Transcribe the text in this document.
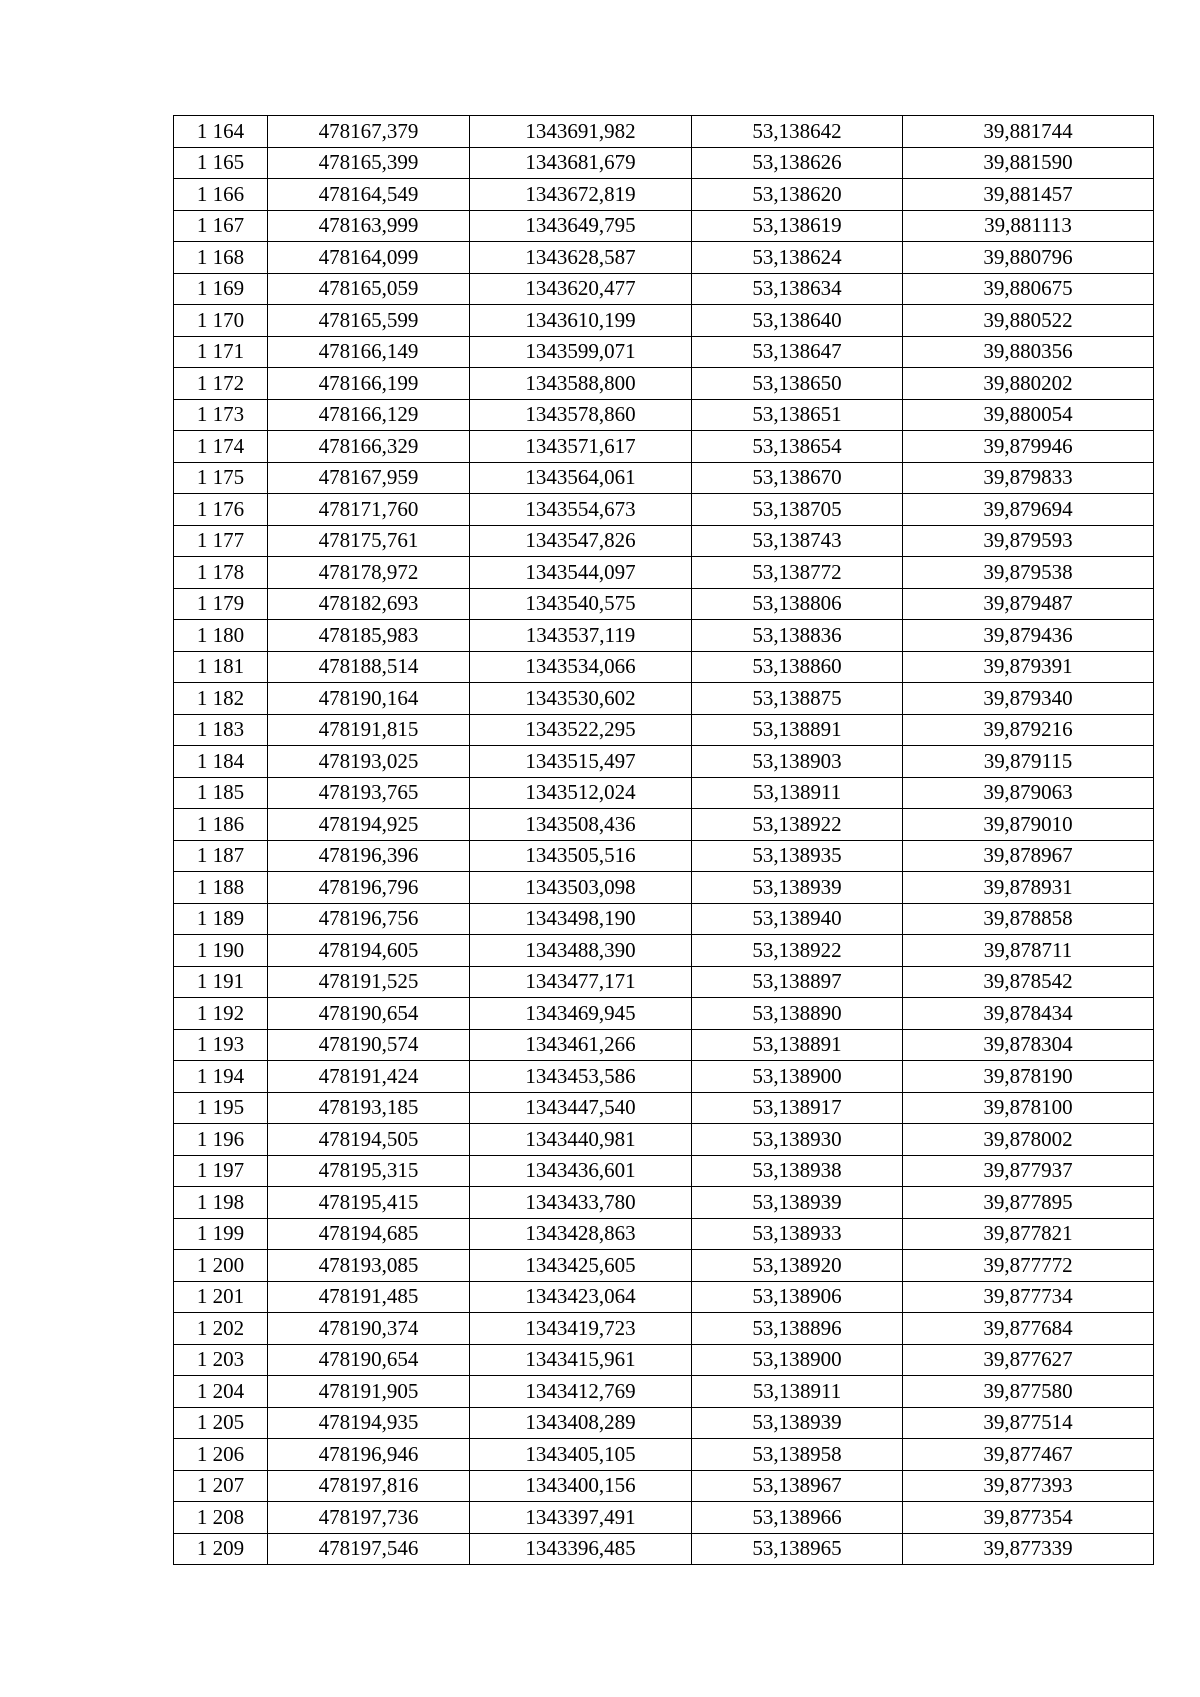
1 164	478167,379	1343691,982	53,138642	39,881744
1 165	478165,399	1343681,679	53,138626	39,881590
1 166	478164,549	1343672,819	53,138620	39,881457
1 167	478163,999	1343649,795	53,138619	39,881113
1 168	478164,099	1343628,587	53,138624	39,880796
1 169	478165,059	1343620,477	53,138634	39,880675
1 170	478165,599	1343610,199	53,138640	39,880522
1 171	478166,149	1343599,071	53,138647	39,880356
1 172	478166,199	1343588,800	53,138650	39,880202
1 173	478166,129	1343578,860	53,138651	39,880054
1 174	478166,329	1343571,617	53,138654	39,879946
1 175	478167,959	1343564,061	53,138670	39,879833
1 176	478171,760	1343554,673	53,138705	39,879694
1 177	478175,761	1343547,826	53,138743	39,879593
1 178	478178,972	1343544,097	53,138772	39,879538
1 179	478182,693	1343540,575	53,138806	39,879487
1 180	478185,983	1343537,119	53,138836	39,879436
1 181	478188,514	1343534,066	53,138860	39,879391
1 182	478190,164	1343530,602	53,138875	39,879340
1 183	478191,815	1343522,295	53,138891	39,879216
1 184	478193,025	1343515,497	53,138903	39,879115
1 185	478193,765	1343512,024	53,138911	39,879063
1 186	478194,925	1343508,436	53,138922	39,879010
1 187	478196,396	1343505,516	53,138935	39,878967
1 188	478196,796	1343503,098	53,138939	39,878931
1 189	478196,756	1343498,190	53,138940	39,878858
1 190	478194,605	1343488,390	53,138922	39,878711
1 191	478191,525	1343477,171	53,138897	39,878542
1 192	478190,654	1343469,945	53,138890	39,878434
1 193	478190,574	1343461,266	53,138891	39,878304
1 194	478191,424	1343453,586	53,138900	39,878190
1 195	478193,185	1343447,540	53,138917	39,878100
1 196	478194,505	1343440,981	53,138930	39,878002
1 197	478195,315	1343436,601	53,138938	39,877937
1 198	478195,415	1343433,780	53,138939	39,877895
1 199	478194,685	1343428,863	53,138933	39,877821
1 200	478193,085	1343425,605	53,138920	39,877772
1 201	478191,485	1343423,064	53,138906	39,877734
1 202	478190,374	1343419,723	53,138896	39,877684
1 203	478190,654	1343415,961	53,138900	39,877627
1 204	478191,905	1343412,769	53,138911	39,877580
1 205	478194,935	1343408,289	53,138939	39,877514
1 206	478196,946	1343405,105	53,138958	39,877467
1 207	478197,816	1343400,156	53,138967	39,877393
1 208	478197,736	1343397,491	53,138966	39,877354
1 209	478197,546	1343396,485	53,138965	39,877339
